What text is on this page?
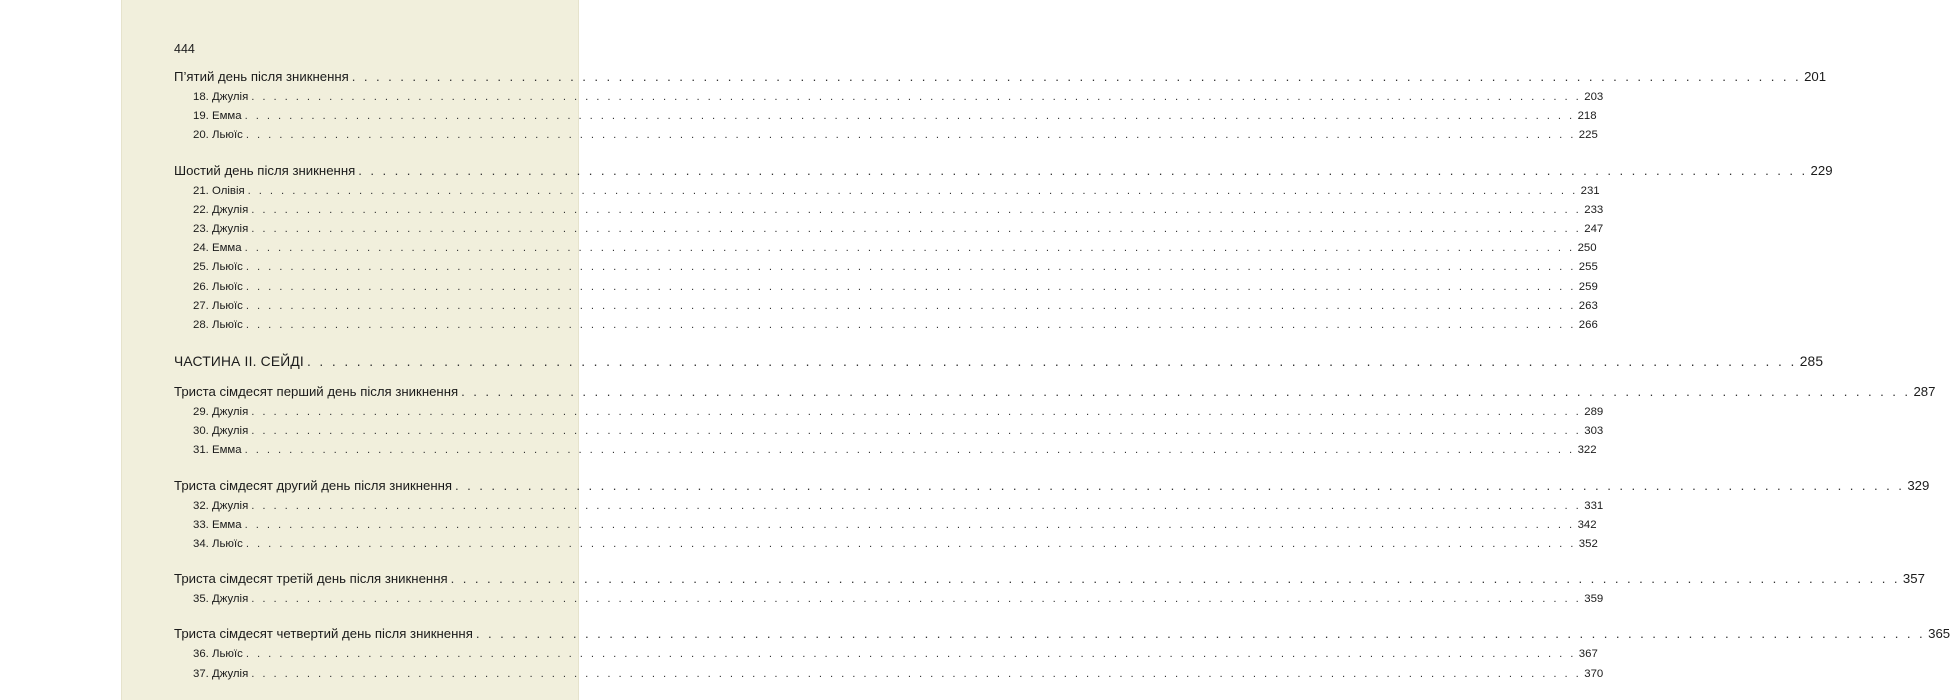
444
П’ятий день після зникнення . . . . . . . . . . . . . . . . . . . . . . . . . . . . . . . . . . . . . . . . . . . . . . . . . . . . . . . . . . . . . . . . . . . . . . . . . . . . . . . . . . . . . . . . . . . . . . . . . . . . . . . . . . . . . . . . . . . . . . . . 201
18. Джулія . . . . . . . . . . . . . . . . . . . . . . . . . . . . . . . . . . . . . . . . . . . . . . . . . . . . . . . . . . . . . . . . . . . . . . . . . . . . . . . . . . . . . . . . . . . . . . . . . . . . . . . . . . . . . . . . . . . . . . . . 203
19. Емма . . . . . . . . . . . . . . . . . . . . . . . . . . . . . . . . . . . . . . . . . . . . . . . . . . . . . . . . . . . . . . . . . . . . . . . . . . . . . . . . . . . . . . . . . . . . . . . . . . . . . . . . . . . . . . . . . . . . . . . . 218
20. Льюїс . . . . . . . . . . . . . . . . . . . . . . . . . . . . . . . . . . . . . . . . . . . . . . . . . . . . . . . . . . . . . . . . . . . . . . . . . . . . . . . . . . . . . . . . . . . . . . . . . . . . . . . . . . . . . . . . . . . . . . . . 225
Шостий день після зникнення . . . . . . . . . . . . . . . . . . . . . . . . . . . . . . . . . . . . . . . . . . . . . . . . . . . . . . . . . . . . . . . . . . . . . . . . . . . . . . . . . . . . . . . . . . . . . . . . . . . . . . . . . . . . . . . . . . . . . . . . 229
21. Олівія . . . . . . . . . . . . . . . . . . . . . . . . . . . . . . . . . . . . . . . . . . . . . . . . . . . . . . . . . . . . . . . . . . . . . . . . . . . . . . . . . . . . . . . . . . . . . . . . . . . . . . . . . . . . . . . . . . . . . . . . 231
22. Джулія . . . . . . . . . . . . . . . . . . . . . . . . . . . . . . . . . . . . . . . . . . . . . . . . . . . . . . . . . . . . . . . . . . . . . . . . . . . . . . . . . . . . . . . . . . . . . . . . . . . . . . . . . . . . . . . . . . . . . . . . 233
23. Джулія . . . . . . . . . . . . . . . . . . . . . . . . . . . . . . . . . . . . . . . . . . . . . . . . . . . . . . . . . . . . . . . . . . . . . . . . . . . . . . . . . . . . . . . . . . . . . . . . . . . . . . . . . . . . . . . . . . . . . . . . 247
24. Емма . . . . . . . . . . . . . . . . . . . . . . . . . . . . . . . . . . . . . . . . . . . . . . . . . . . . . . . . . . . . . . . . . . . . . . . . . . . . . . . . . . . . . . . . . . . . . . . . . . . . . . . . . . . . . . . . . . . . . . . . 250
25. Льюїс . . . . . . . . . . . . . . . . . . . . . . . . . . . . . . . . . . . . . . . . . . . . . . . . . . . . . . . . . . . . . . . . . . . . . . . . . . . . . . . . . . . . . . . . . . . . . . . . . . . . . . . . . . . . . . . . . . . . . . . . 255
26. Льюїс . . . . . . . . . . . . . . . . . . . . . . . . . . . . . . . . . . . . . . . . . . . . . . . . . . . . . . . . . . . . . . . . . . . . . . . . . . . . . . . . . . . . . . . . . . . . . . . . . . . . . . . . . . . . . . . . . . . . . . . . 259
27. Льюїс . . . . . . . . . . . . . . . . . . . . . . . . . . . . . . . . . . . . . . . . . . . . . . . . . . . . . . . . . . . . . . . . . . . . . . . . . . . . . . . . . . . . . . . . . . . . . . . . . . . . . . . . . . . . . . . . . . . . . . . . 263
28. Льюїс . . . . . . . . . . . . . . . . . . . . . . . . . . . . . . . . . . . . . . . . . . . . . . . . . . . . . . . . . . . . . . . . . . . . . . . . . . . . . . . . . . . . . . . . . . . . . . . . . . . . . . . . . . . . . . . . . . . . . . . . 266
ЧАСТИНА II. СЕЙДІ . . . . . . . . . . . . . . . . . . . . . . . . . . . . . . . . . . . . . . . . . . . . . . . . . . . . . . . . . . . . . . . . . . . . . . . . . . . . . . . . . . . . . . . . . . . . . . . . . . . . . . . . . . . . . . . . . . . . . . . . 285
Триста сімдесят перший день після зникнення . . . . . . . . . . . . . . . . . . . . . . . . . . . . . . . . . . . . . . . . . . . . . . . . . . . . . . . . . . . . . . . . . . . . . . . . . . . . . . . . . . . . . . . . . . . . . . . . . . . . . . . . . . . . . . . . . . . . . . . . 287
29. Джулія . . . . . . . . . . . . . . . . . . . . . . . . . . . . . . . . . . . . . . . . . . . . . . . . . . . . . . . . . . . . . . . . . . . . . . . . . . . . . . . . . . . . . . . . . . . . . . . . . . . . . . . . . . . . . . . . . . . . . . . . 289
30. Джулія . . . . . . . . . . . . . . . . . . . . . . . . . . . . . . . . . . . . . . . . . . . . . . . . . . . . . . . . . . . . . . . . . . . . . . . . . . . . . . . . . . . . . . . . . . . . . . . . . . . . . . . . . . . . . . . . . . . . . . . . 303
31. Емма . . . . . . . . . . . . . . . . . . . . . . . . . . . . . . . . . . . . . . . . . . . . . . . . . . . . . . . . . . . . . . . . . . . . . . . . . . . . . . . . . . . . . . . . . . . . . . . . . . . . . . . . . . . . . . . . . . . . . . . . 322
Триста сімдесят другий день після зникнення . . . . . . . . . . . . . . . . . . . . . . . . . . . . . . . . . . . . . . . . . . . . . . . . . . . . . . . . . . . . . . . . . . . . . . . . . . . . . . . . . . . . . . . . . . . . . . . . . . . . . . . . . . . . . . . . . . . . . . . . 329
32. Джулія . . . . . . . . . . . . . . . . . . . . . . . . . . . . . . . . . . . . . . . . . . . . . . . . . . . . . . . . . . . . . . . . . . . . . . . . . . . . . . . . . . . . . . . . . . . . . . . . . . . . . . . . . . . . . . . . . . . . . . . . 331
33. Емма . . . . . . . . . . . . . . . . . . . . . . . . . . . . . . . . . . . . . . . . . . . . . . . . . . . . . . . . . . . . . . . . . . . . . . . . . . . . . . . . . . . . . . . . . . . . . . . . . . . . . . . . . . . . . . . . . . . . . . . . 342
34. Льюїс . . . . . . . . . . . . . . . . . . . . . . . . . . . . . . . . . . . . . . . . . . . . . . . . . . . . . . . . . . . . . . . . . . . . . . . . . . . . . . . . . . . . . . . . . . . . . . . . . . . . . . . . . . . . . . . . . . . . . . . . 352
Триста сімдесят третій день після зникнення . . . . . . . . . . . . . . . . . . . . . . . . . . . . . . . . . . . . . . . . . . . . . . . . . . . . . . . . . . . . . . . . . . . . . . . . . . . . . . . . . . . . . . . . . . . . . . . . . . . . . . . . . . . . . . . . . . . . . . . . 357
35. Джулія . . . . . . . . . . . . . . . . . . . . . . . . . . . . . . . . . . . . . . . . . . . . . . . . . . . . . . . . . . . . . . . . . . . . . . . . . . . . . . . . . . . . . . . . . . . . . . . . . . . . . . . . . . . . . . . . . . . . . . . . 359
Триста сімдесят четвертий день після зникнення . . . . . . . . . . . . . . . . . . . . . . . . . . . . . . . . . . . . . . . . . . . . . . . . . . . . . . . . . . . . . . . . . . . . . . . . . . . . . . . . . . . . . . . . . . . . . . . . . . . . . . . . . . . . . . . . . . . . . . . . 365
36. Льюїс . . . . . . . . . . . . . . . . . . . . . . . . . . . . . . . . . . . . . . . . . . . . . . . . . . . . . . . . . . . . . . . . . . . . . . . . . . . . . . . . . . . . . . . . . . . . . . . . . . . . . . . . . . . . . . . . . . . . . . . . 367
37. Джулія . . . . . . . . . . . . . . . . . . . . . . . . . . . . . . . . . . . . . . . . . . . . . . . . . . . . . . . . . . . . . . . . . . . . . . . . . . . . . . . . . . . . . . . . . . . . . . . . . . . . . . . . . . . . . . . . . . . . . . . . 370
